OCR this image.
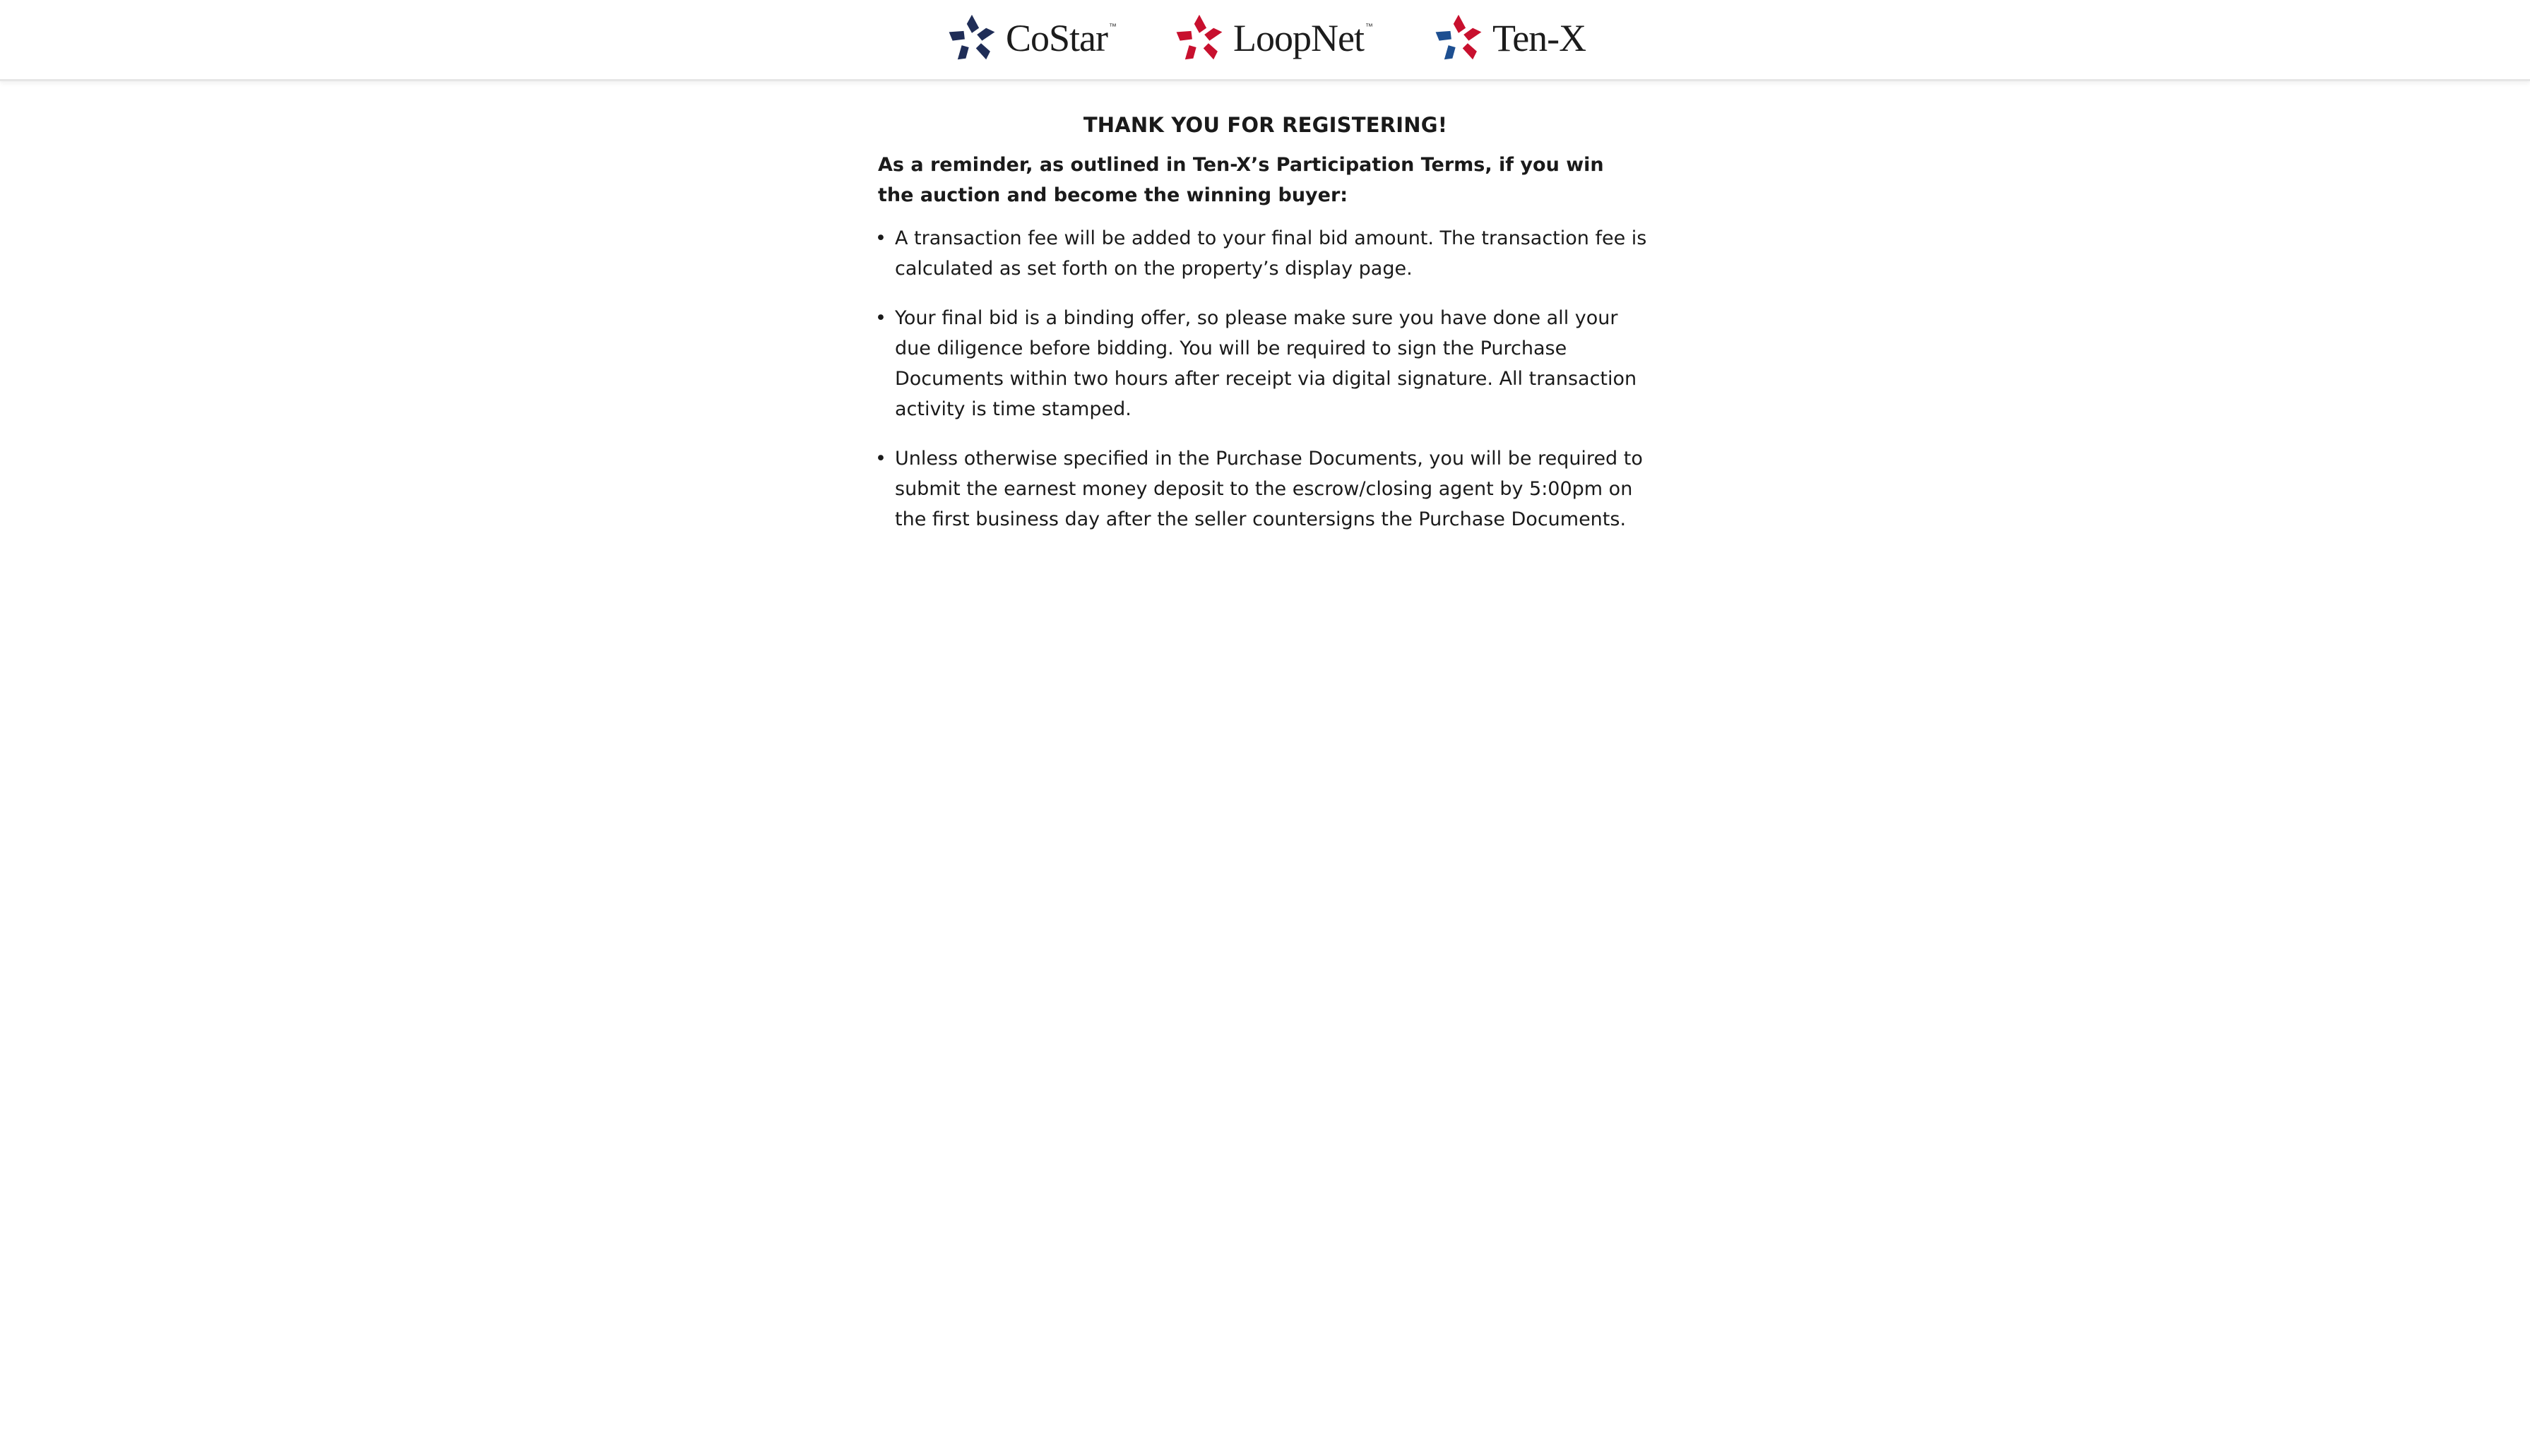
CoStar ™	LoopNet ™	Ten-X
THANK YOU FOR REGISTERING!

As a reminder, as outlined in Ten-X’s Participation Terms, if you win the auction and become the winning buyer:

• A transaction fee will be added to your final bid amount. The transaction fee is calculated as set forth on the property’s display page.
• Your final bid is a binding offer, so please make sure you have done all your due diligence before bidding. You will be required to sign the Purchase Documents within two hours after receipt via digital signature. All transaction activity is time stamped.
• Unless otherwise specified in the Purchase Documents, you will be required to submit the earnest money deposit to the escrow/closing agent by 5:00pm on the first business day after the seller countersigns the Purchase Documents.
